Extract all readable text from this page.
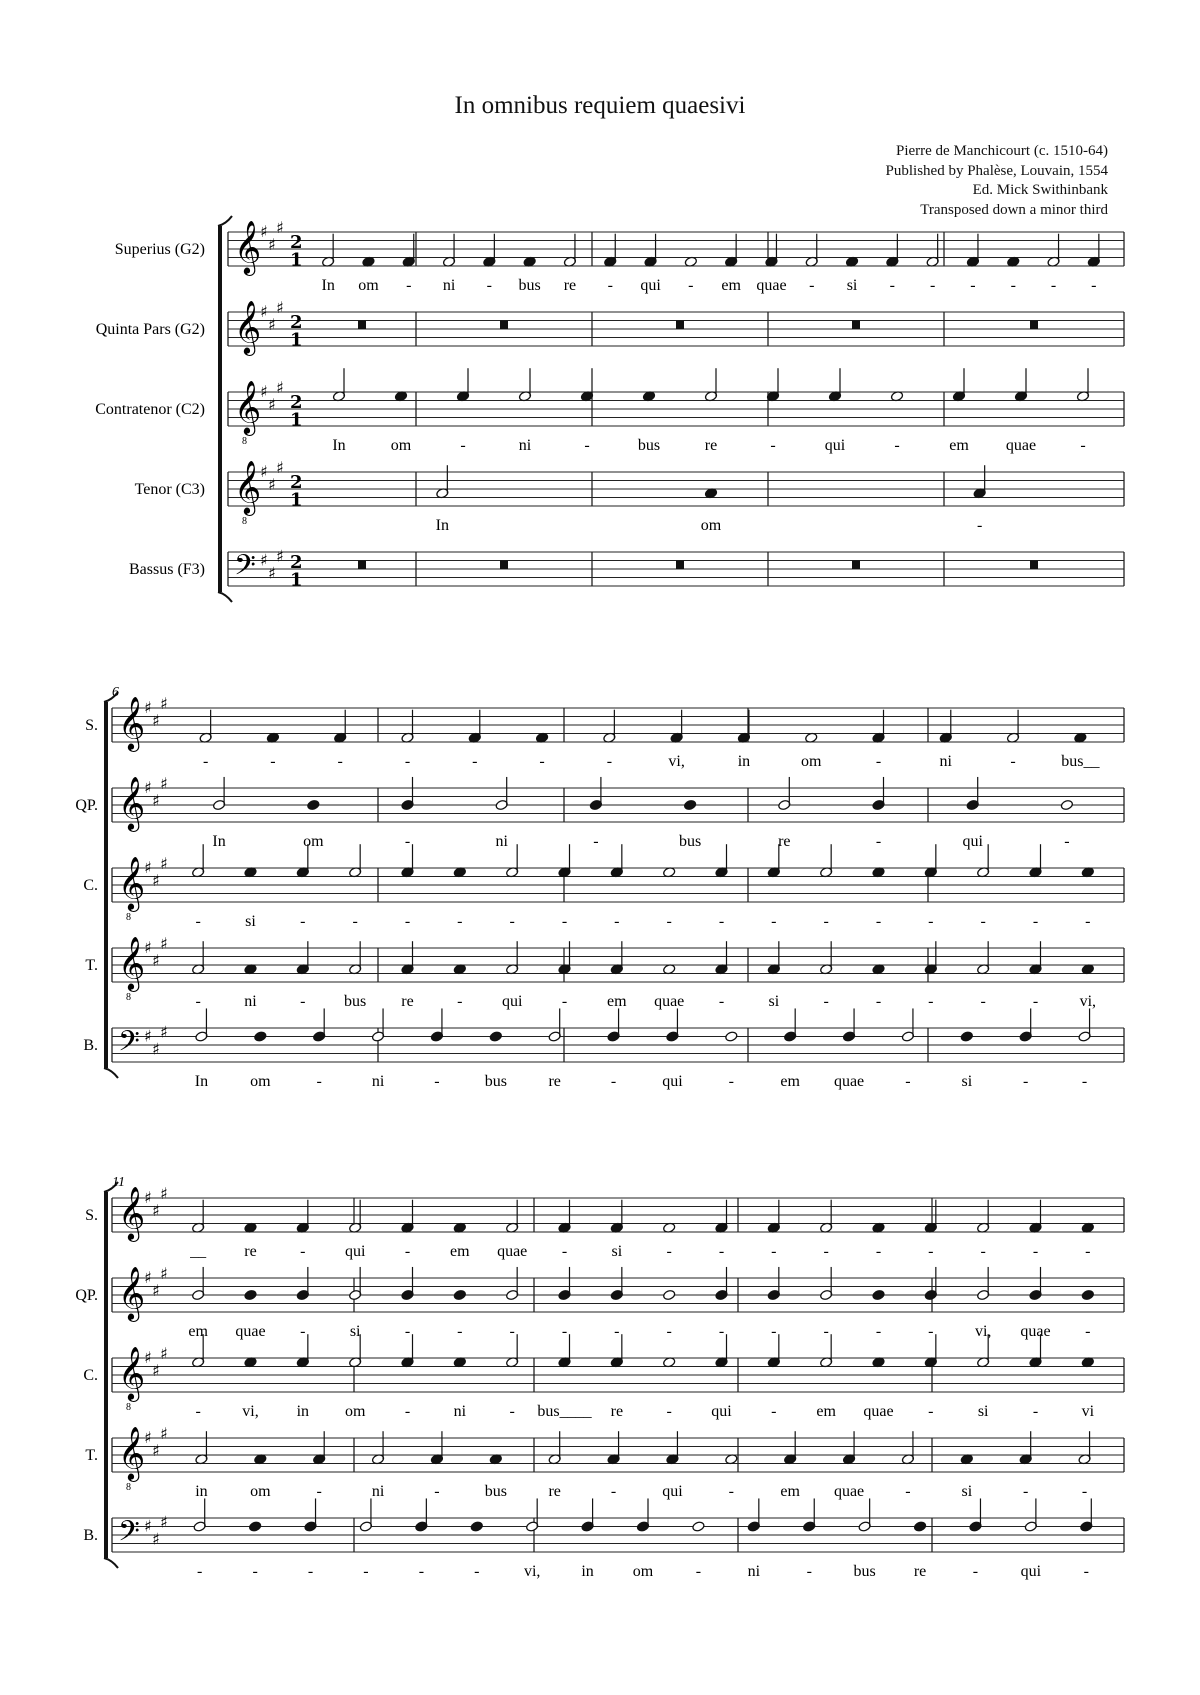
In omnibus requiem quaesivi
Pierre de Manchicourt (c. 1510-64)
Published by Phalèse, Louvain, 1554
Ed. Mick Swithinbank
Transposed down a minor third
Superius (G2) 𝄞
♯
♯
♯
2
1
In om - ni - bus re - qui - em quae - si - - - - - -
Quinta Pars (G2) 𝄞
♯
♯
♯
2
1
Contratenor (C2) 𝄞
8
♯
♯
♯
2
1
In	om	-	ni	-	bus	re	-	qui	-	em quae	-
Tenor (C3) 𝄞
8
♯
♯
♯
2
1
In	om	-
Bassus (F3) 𝄢 ♯
♯
♯ 2
1
6
S. 𝄞
♯
♯
♯
-	-	-	-	-	-	-	vi,	in	om	-	ni	-	bus__
QP. 𝄞
♯
♯
♯
In	om	-	ni	-	bus	re	-	qui	-
C. 𝄞
8
♯
♯
♯
-	si	-	-	-	-	-	-	-	-	-	-	-	-	-	-	-	-
T. 𝄞
8
♯
♯
♯
-	ni	- bus re	- qui - em quae -	si	-	-	-	-	-	vi,
B. 𝄢 ♯
♯
♯
In	om	-	ni	-	bus	re	-	qui	-	em quae	-	si	-	-
11
S. 𝄞
♯
♯
♯
__ re	- qui - em quae -	si	-	-	-	-	-	-	-	-	-
QP. 𝄞
♯
♯
♯
em quae -	si	-	-	-	-	-	-	-	-	-	-	-	vi, quae -
C. 𝄞
8
♯
♯
♯
-	vi, in om -	ni	- bus____ re	- qui - em quae -	si	-	vi
T. 𝄞
8
♯
♯
♯
in	om	-	ni	-	bus	re	-	qui	-	em quae	-	si	-	-
B. 𝄢 ♯
♯
♯
-	-	-	-	-	-	vi,	in om	-	ni	-	bus re	-	qui	-
